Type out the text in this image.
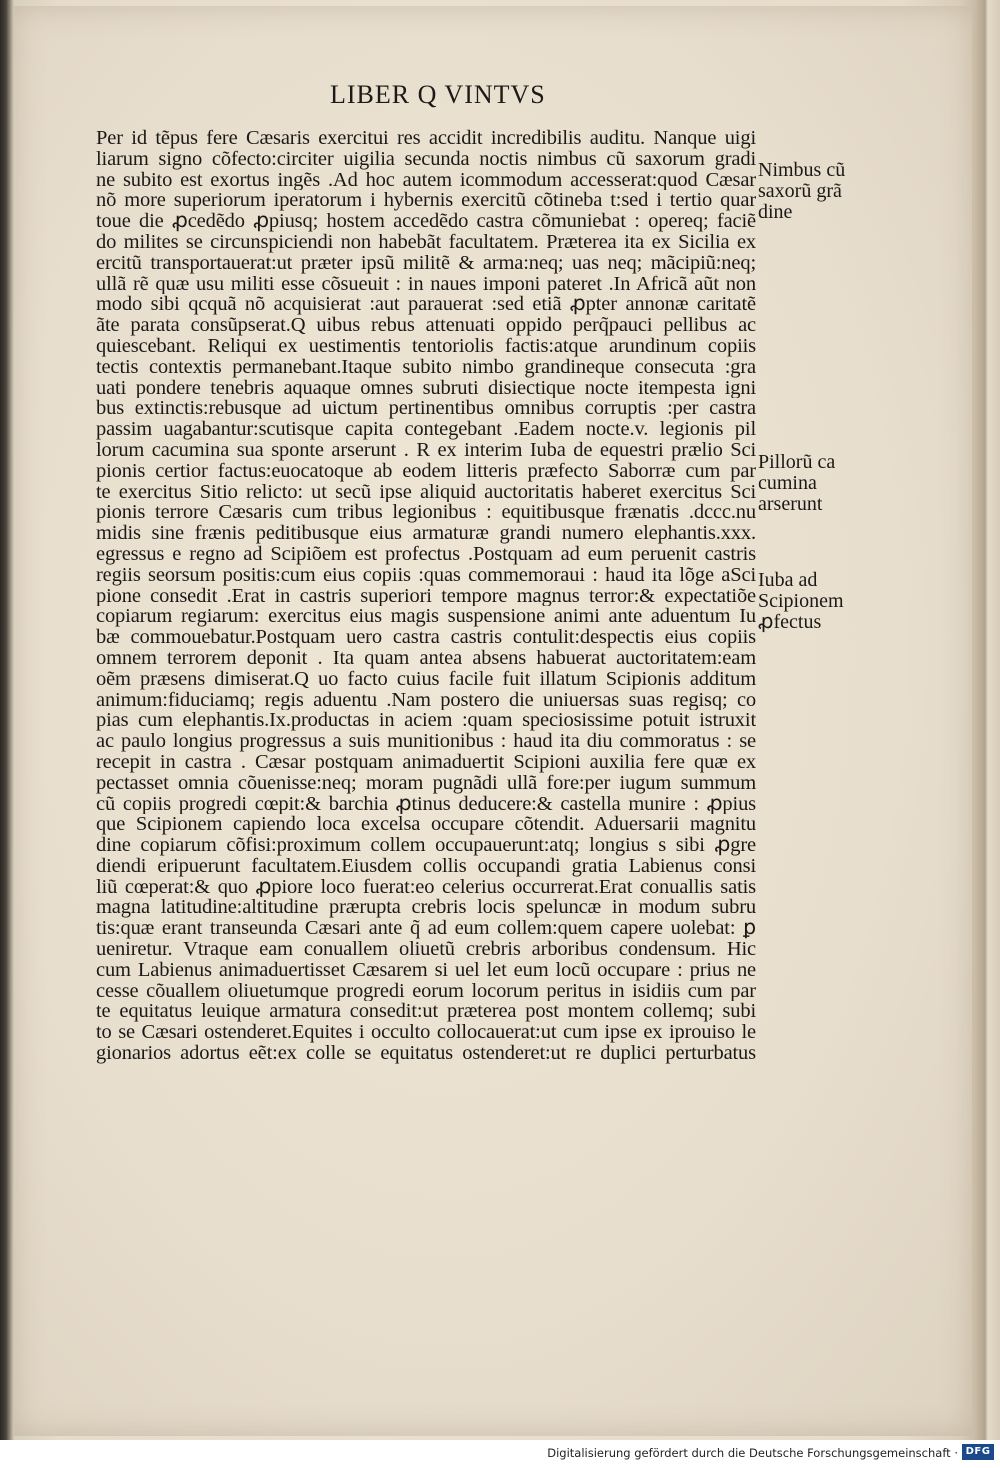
LIBER Q VINTVS
Per id tẽpus fere Cæsaris exercitui res accidit incredibilis auditu. Nanque uigi
liarum signo cõfecto:circiter uigilia secunda noctis nimbus cũ saxorum gradi
ne subito est exortus ingẽs .Ad hoc autem icommodum accesserat:quod Cæsar
nõ more superiorum iperatorum i hybernis exercitũ cõtineba t:sed i tertio quar
toue die ꝓcedẽdo ꝓpiusq; hostem accedẽdo castra cõmuniebat : opereq; faciẽ
do milites se circunspiciendi non habebãt facultatem. Præterea ita ex Sicilia ex
ercitũ transportauerat:ut præter ipsũ militẽ & arma:neq; uas neq; mãcipiũ:neq;
ullã rẽ quæ usu militi esse cõsueuit : in naues imponi pateret .In Africã aũt non
modo sibi qcquã nõ acquisierat :aut parauerat :sed etiã ꝓpter annonæ caritatẽ
ãte parata consũpserat.Q uibus rebus attenuati oppido perq̃pauci pellibus ac
quiescebant. Reliqui ex uestimentis tentoriolis factis:atque arundinum copiis
tectis contextis permanebant.Itaque subito nimbo grandineque consecuta :gra
uati pondere tenebris aquaque omnes subruti disiectique nocte itempesta igni
bus extinctis:rebusque ad uictum pertinentibus omnibus corruptis :per castra
passim uagabantur:scutisque capita contegebant .Eadem nocte.v. legionis pil
lorum cacumina sua sponte arserunt . R ex interim Iuba de equestri prælio Sci
pionis certior factus:euocatoque ab eodem litteris præfecto Saborræ cum par
te exercitus Sitio relicto: ut secũ ipse aliquid auctoritatis haberet exercitus Sci
pionis terrore Cæsaris cum tribus legionibus : equitibusque frænatis .dccc.nu
midis sine frænis peditibusque eius armaturæ grandi numero elephantis.xxx.
egressus e regno ad Scipiõem est profectus .Postquam ad eum peruenit castris
regiis seorsum positis:cum eius copiis :quas commemoraui : haud ita lõge aSci
pione consedit .Erat in castris superiori tempore magnus terror:& expectatiõe
copiarum regiarum: exercitus eius magis suspensione animi ante aduentum Iu
bæ commouebatur.Postquam uero castra castris contulit:despectis eius copiis
omnem terrorem deponit . Ita quam antea absens habuerat auctoritatem:eam
oẽm præsens dimiserat.Q uo facto cuius facile fuit illatum Scipionis additum
animum:fiduciamq; regis aduentu .Nam postero die uniuersas suas regisq; co
pias cum elephantis.Ix.productas in aciem :quam speciosissime potuit istruxit
ac paulo longius progressus a suis munitionibus : haud ita diu commoratus : se
recepit in castra . Cæsar postquam animaduertit Scipioni auxilia fere quæ ex
pectasset omnia cõuenisse:neq; moram pugnãdi ullã fore:per iugum summum
cũ copiis progredi cœpit:& barchia ꝓtinus deducere:& castella munire : ꝓpius
que Scipionem capiendo loca excelsa occupare cõtendit. Aduersarii magnitu
dine copiarum cõfisi:proximum collem occupauerunt:atq; longius s sibi ꝓgre
diendi eripuerunt facultatem.Eiusdem collis occupandi gratia Labienus consi
liũ cœperat:& quo ꝓpiore loco fuerat:eo celerius occurrerat.Erat conuallis satis
magna latitudine:altitudine prærupta crebris locis speluncæ in modum subru
tis:quæ erant transeunda Cæsari ante q̃ ad eum collem:quem capere uolebat: ꝑ
ueniretur. Vtraque eam conuallem oliuetũ crebris arboribus condensum. Hic
cum Labienus animaduertisset Cæsarem si uel let eum locũ occupare : prius ne
cesse cõuallem oliuetumque progredi eorum locorum peritus in isidiis cum par
te equitatus leuique armatura consedit:ut præterea post montem collemq; subi
to se Cæsari ostenderet.Equites i occulto collocauerat:ut cum ipse ex iprouiso le
gionarios adortus eẽt:ex colle se equitatus ostenderet:ut re duplici perturbatus
Nimbus cũ
saxorũ grã
dine
Pillorũ ca
cumina
arserunt
Iuba ad
Scipionem
ꝓfectus
Digitalisierung gefördert durch die Deutsche Forschungsgemeinschaft · DFG
